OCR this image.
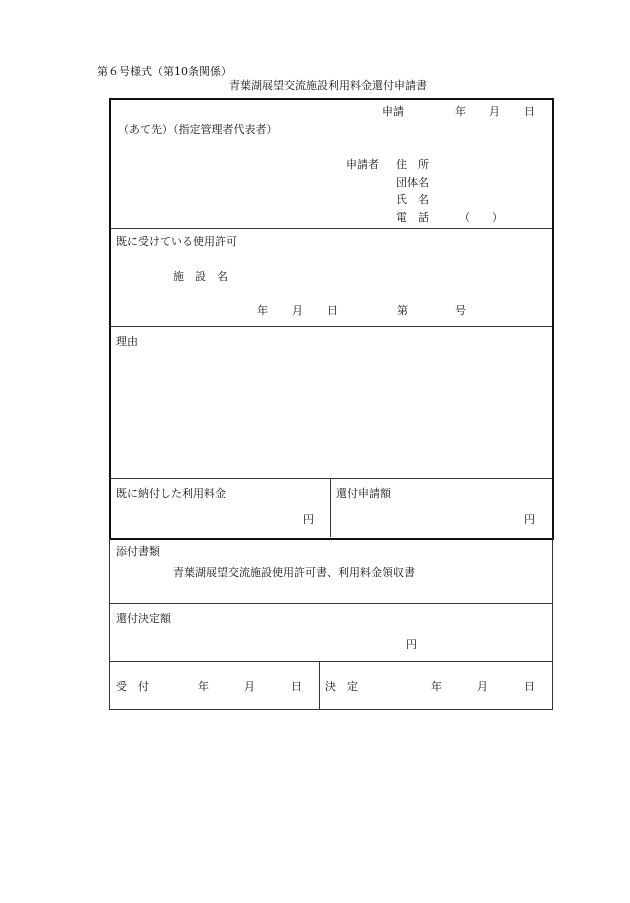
第６号様式（第10条関係）
青葉湖展望交流施設利用料金還付申請書
申請	年 月 日
（あて先）（指定管理者代表者）
申請者 住　所
団体名
氏　名
電　話	（　　）
既に受けている使用許可
施　設　名
年 月 日	第	号
理由
既に納付した利用料金
円
還付申請額
円
添付書類
青葉湖展望交流施設使用許可書、利用料金領収書
還付決定額
円
受　付	年	月	日 決　定	年	月	日
